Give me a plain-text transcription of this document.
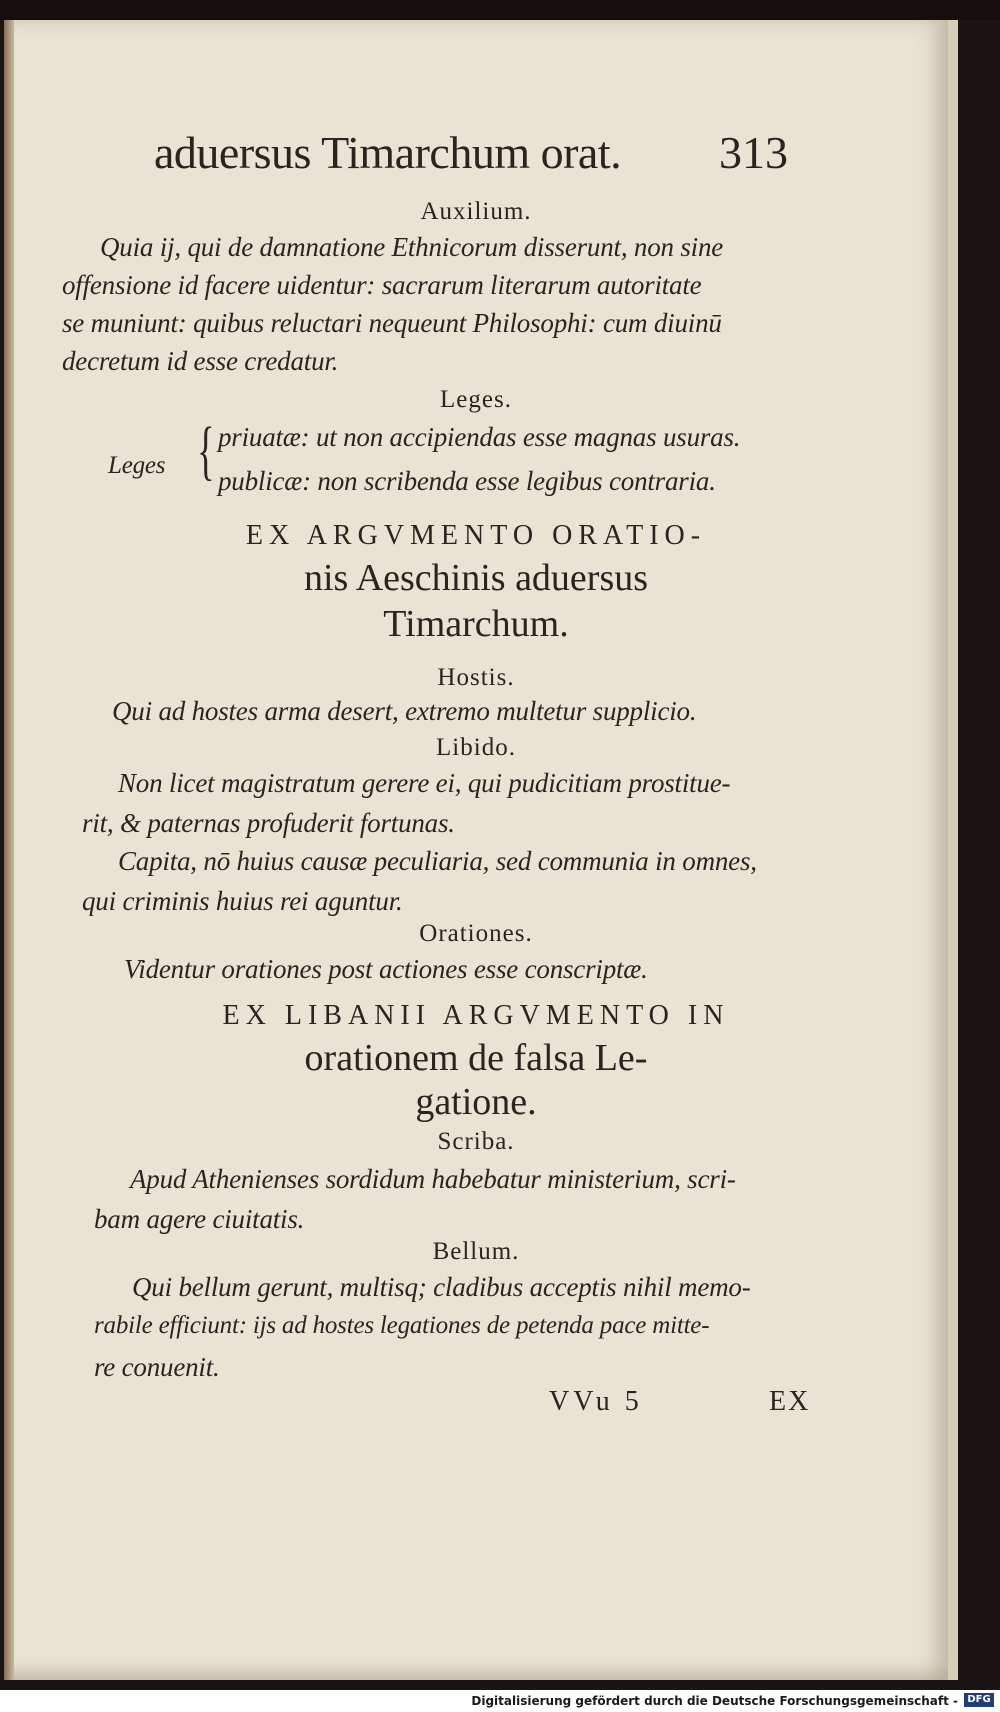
aduersus Timarchum orat. 313
Auxilium.
Quia ij, qui de damnatione Ethnicorum disserunt, non sine
offensione id facere uidentur: sacrarum literarum autoritate
se muniunt: quibus reluctari nequeunt Philosophi: cum diuinū
decretum id esse credatur.
Leges.
Leges { priuatæ: ut non accipiendas esse magnas usuras.
publicæ: non scribenda esse legibus contraria.
EX ARGVMENTO ORATIO-
nis Aeschinis aduersus
Timarchum.
Hostis.
Qui ad hostes arma desert, extremo multetur supplicio.
Libido.
Non licet magistratum gerere ei, qui pudicitiam prostitue-
rit, & paternas profuderit fortunas.
Capita, nō huius causæ peculiaria, sed communia in omnes,
qui criminis huius rei aguntur.
Orationes.
Videntur orationes post actiones esse conscriptæ.
EX LIBANII ARGVMENTO IN
orationem de falsa Le-
gatione.
Scriba.
Apud Athenienses sordidum habebatur ministerium, scri-
bam agere ciuitatis.
Bellum.
Qui bellum gerunt, multisq; cladibus acceptis nihil memo-
rabile efficiunt: ijs ad hostes legationes de petenda pace mitte-
re conuenit.
VVu 5	EX
Digitalisierung gefördert durch die Deutsche Forschungsgemeinschaft - DFG
